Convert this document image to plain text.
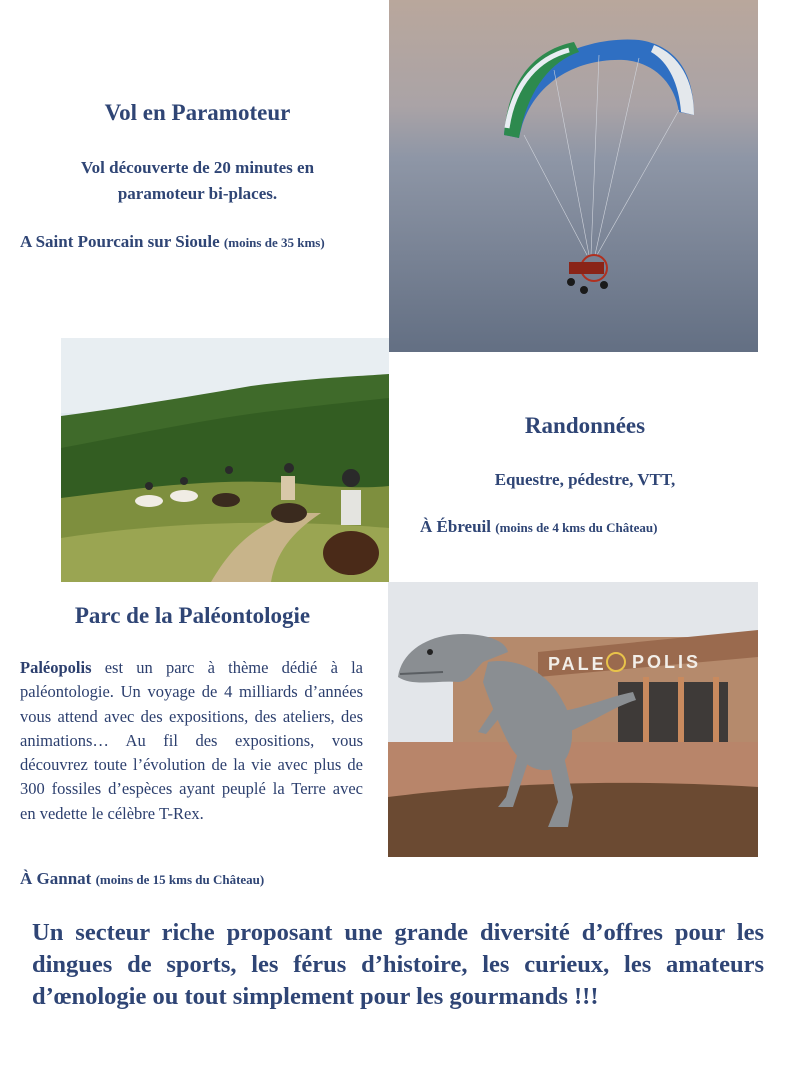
Vol en Paramoteur
Vol découverte de 20 minutes en
paramoteur bi-places.
A Saint Pourcain sur Sioule (moins de 35 kms)
Randonnées
Equestre, pédestre, VTT,
À Ébreuil (moins de 4 kms du Château)
Parc de la Paléontologie
Paléopolis est un parc à thème dédié à la paléontologie. Un voyage de 4 milliards d’années vous attend avec des expositions, des ateliers, des animations… Au fil des expositions, vous découvrez toute l’évolution de la vie avec plus de 300 fossiles d’espèces ayant peuplé la Terre avec en vedette le célèbre T-Rex.
À Gannat (moins de 15 kms du Château)
PALE POLIS
Un secteur riche proposant une grande diversité d’offres pour les dingues de sports, les férus d’histoire, les curieux, les amateurs d’œnologie ou tout simplement pour les gourmands !!!
